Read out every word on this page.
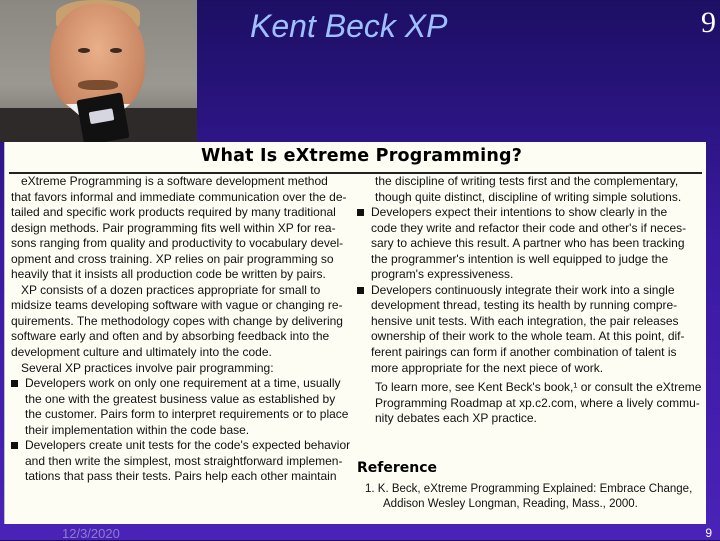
Kent Beck XP	9
What Is eXtreme Programming?
eXtreme Programming is a software development method
that favors informal and immediate communication over the de-
tailed and specific work products required by many traditional
design methods. Pair programming fits well within XP for rea-
sons ranging from quality and productivity to vocabulary devel-
opment and cross training. XP relies on pair programming so
heavily that it insists all production code be written by pairs.
XP consists of a dozen practices appropriate for small to
midsize teams developing software with vague or changing re-
quirements. The methodology copes with change by delivering
software early and often and by absorbing feedback into the
development culture and ultimately into the code.
Several XP practices involve pair programming:
Developers work on only one requirement at a time, usually
the one with the greatest business value as established by
the customer. Pairs form to interpret requirements or to place
their implementation within the code base.
Developers create unit tests for the code's expected behavior
and then write the simplest, most straightforward implemen-
tations that pass their tests. Pairs help each other maintain
the discipline of writing tests first and the complementary,
though quite distinct, discipline of writing simple solutions.
Developers expect their intentions to show clearly in the
code they write and refactor their code and other's if neces-
sary to achieve this result. A partner who has been tracking
the programmer's intention is well equipped to judge the
program's expressiveness.
Developers continuously integrate their work into a single
development thread, testing its health by running compre-
hensive unit tests. With each integration, the pair releases
ownership of their work to the whole team. At this point, dif-
ferent pairings can form if another combination of talent is
more appropriate for the next piece of work.
To learn more, see Kent Beck's book,¹ or consult the eXtreme
Programming Roadmap at xp.c2.com, where a lively commu-
nity debates each XP practice.
Reference
1. K. Beck, eXtreme Programming Explained: Embrace Change,
Addison Wesley Longman, Reading, Mass., 2000.
12/3/2020	9
